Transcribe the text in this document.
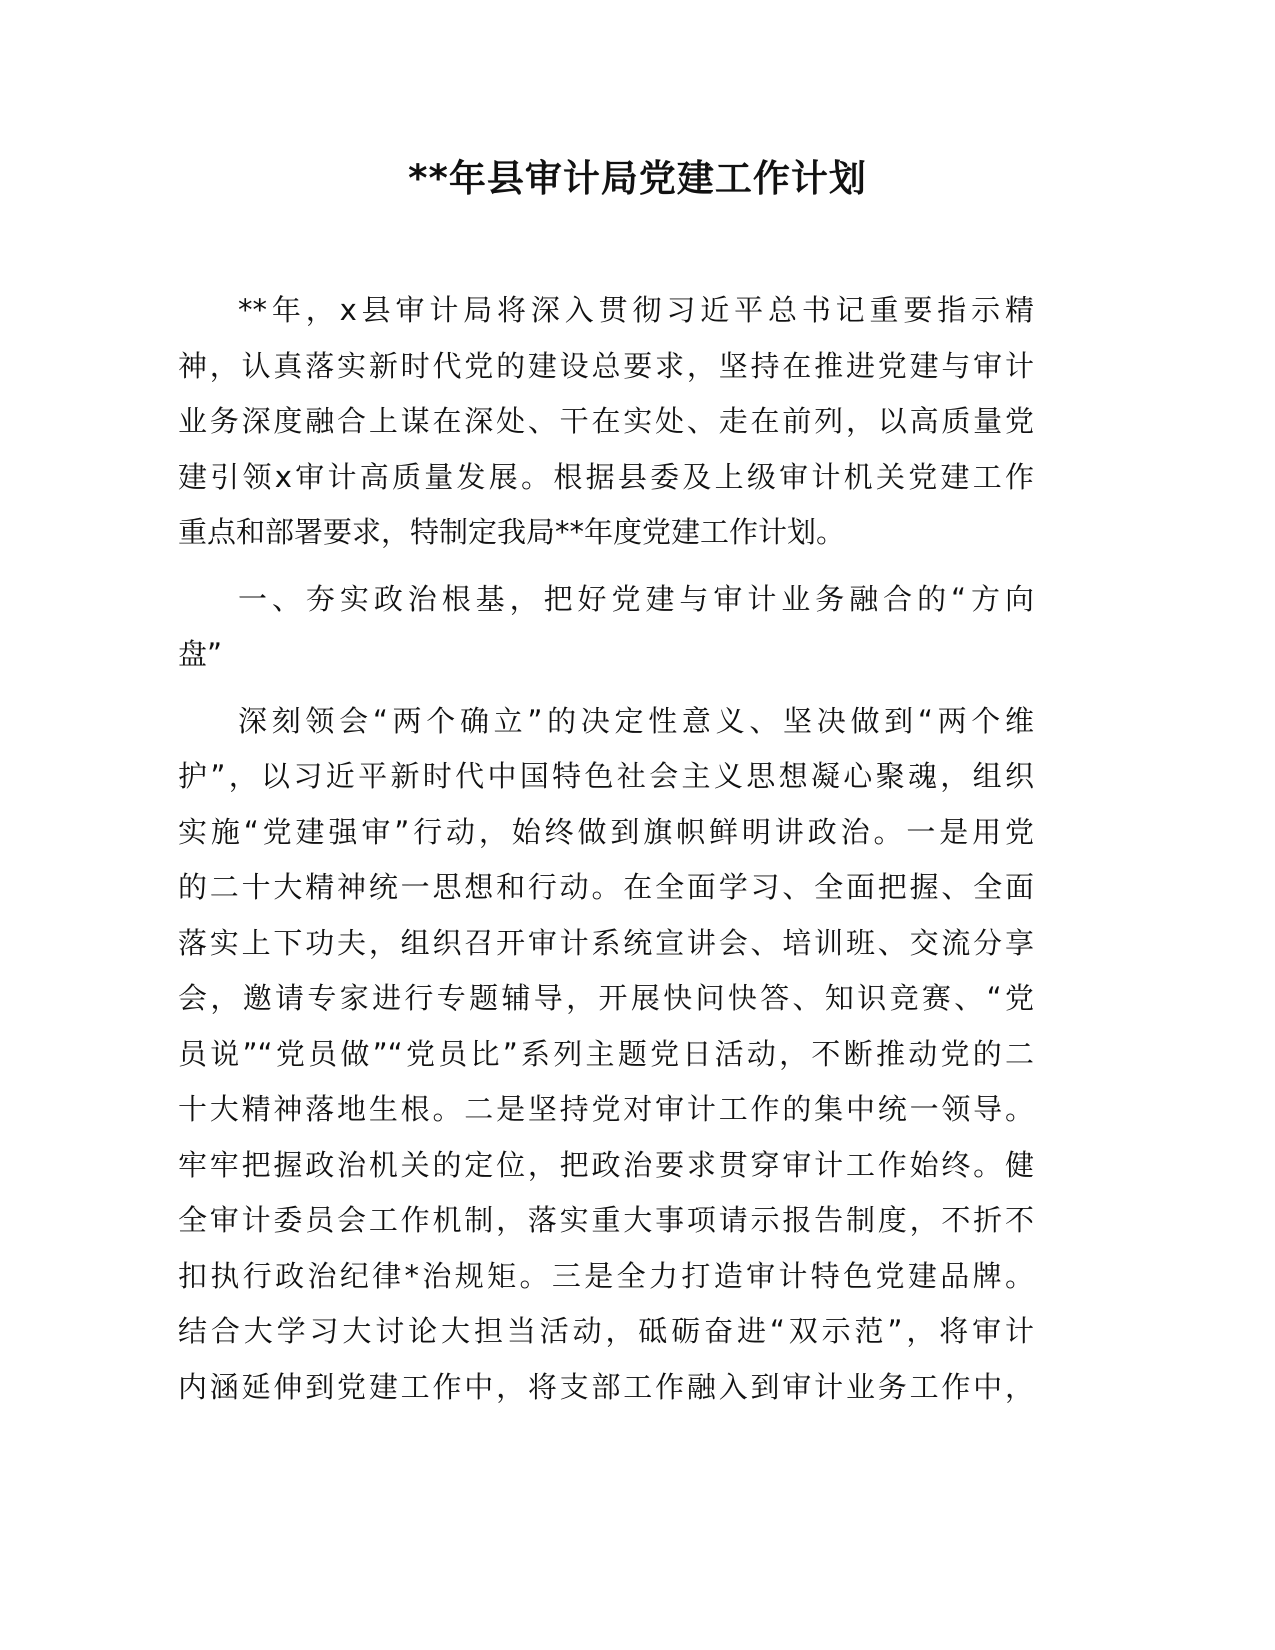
**年县审计局党建工作计划
**年，x县审计局将深入贯彻习近平总书记重要指示精
神，认真落实新时代党的建设总要求，坚持在推进党建与审计
业务深度融合上谋在深处、干在实处、走在前列，以高质量党
建引领x审计高质量发展。根据县委及上级审计机关党建工作
重点和部署要求，特制定我局**年度党建工作计划。
一、夯实政治根基，把好党建与审计业务融合的“方向
盘”
深刻领会“两个确立”的决定性意义、坚决做到“两个维
护”，以习近平新时代中国特色社会主义思想凝心聚魂，组织
实施“党建强审”行动，始终做到旗帜鲜明讲政治。一是用党
的二十大精神统一思想和行动。在全面学习、全面把握、全面
落实上下功夫，组织召开审计系统宣讲会、培训班、交流分享
会，邀请专家进行专题辅导，开展快问快答、知识竞赛、“党
员说”“党员做”“党员比”系列主题党日活动，不断推动党的二
十大精神落地生根。二是坚持党对审计工作的集中统一领导。
牢牢把握政治机关的定位，把政治要求贯穿审计工作始终。健
全审计委员会工作机制，落实重大事项请示报告制度，不折不
扣执行政治纪律*治规矩。三是全力打造审计特色党建品牌。
结合大学习大讨论大担当活动，砥砺奋进“双示范”，将审计
内涵延伸到党建工作中，将支部工作融入到审计业务工作中，
